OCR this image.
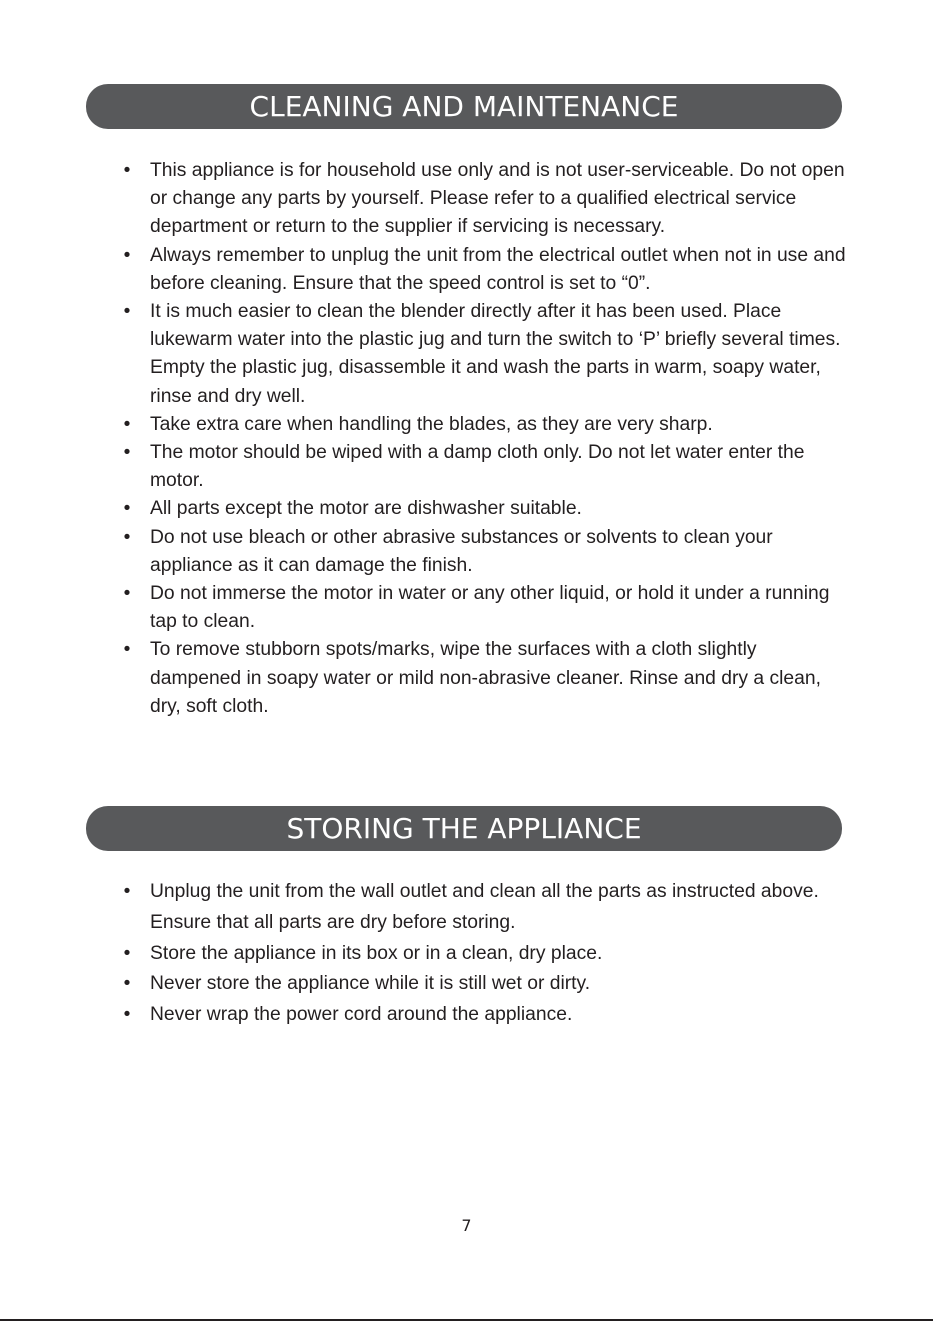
CLEANING AND MAINTENANCE
• This appliance is for household use only and is not user-serviceable. Do not open or change any parts by yourself. Please refer to a qualified electrical service department or return to the supplier if servicing is necessary.
• Always remember to unplug the unit from the electrical outlet when not in use and before cleaning. Ensure that the speed control is set to “0”.
• It is much easier to clean the blender directly after it has been used. Place lukewarm water into the plastic jug and turn the switch to ‘P’ briefly several times. Empty the plastic jug, disassemble it and wash the parts in warm, soapy water, rinse and dry well.
• Take extra care when handling the blades, as they are very sharp.
• The motor should be wiped with a damp cloth only. Do not let water enter the motor.
• All parts except the motor are dishwasher suitable.
• Do not use bleach or other abrasive substances or solvents to clean your appliance as it can damage the finish.
• Do not immerse the motor in water or any other liquid, or hold it under a running tap to clean.
• To remove stubborn spots/marks, wipe the surfaces with a cloth slightly dampened in soapy water or mild non-abrasive cleaner. Rinse and dry a clean, dry, soft cloth.
STORING THE APPLIANCE
• Unplug the unit from the wall outlet and clean all the parts as instructed above. Ensure that all parts are dry before storing.
• Store the appliance in its box or in a clean, dry place.
• Never store the appliance while it is still wet or dirty.
• Never wrap the power cord around the appliance.
7
